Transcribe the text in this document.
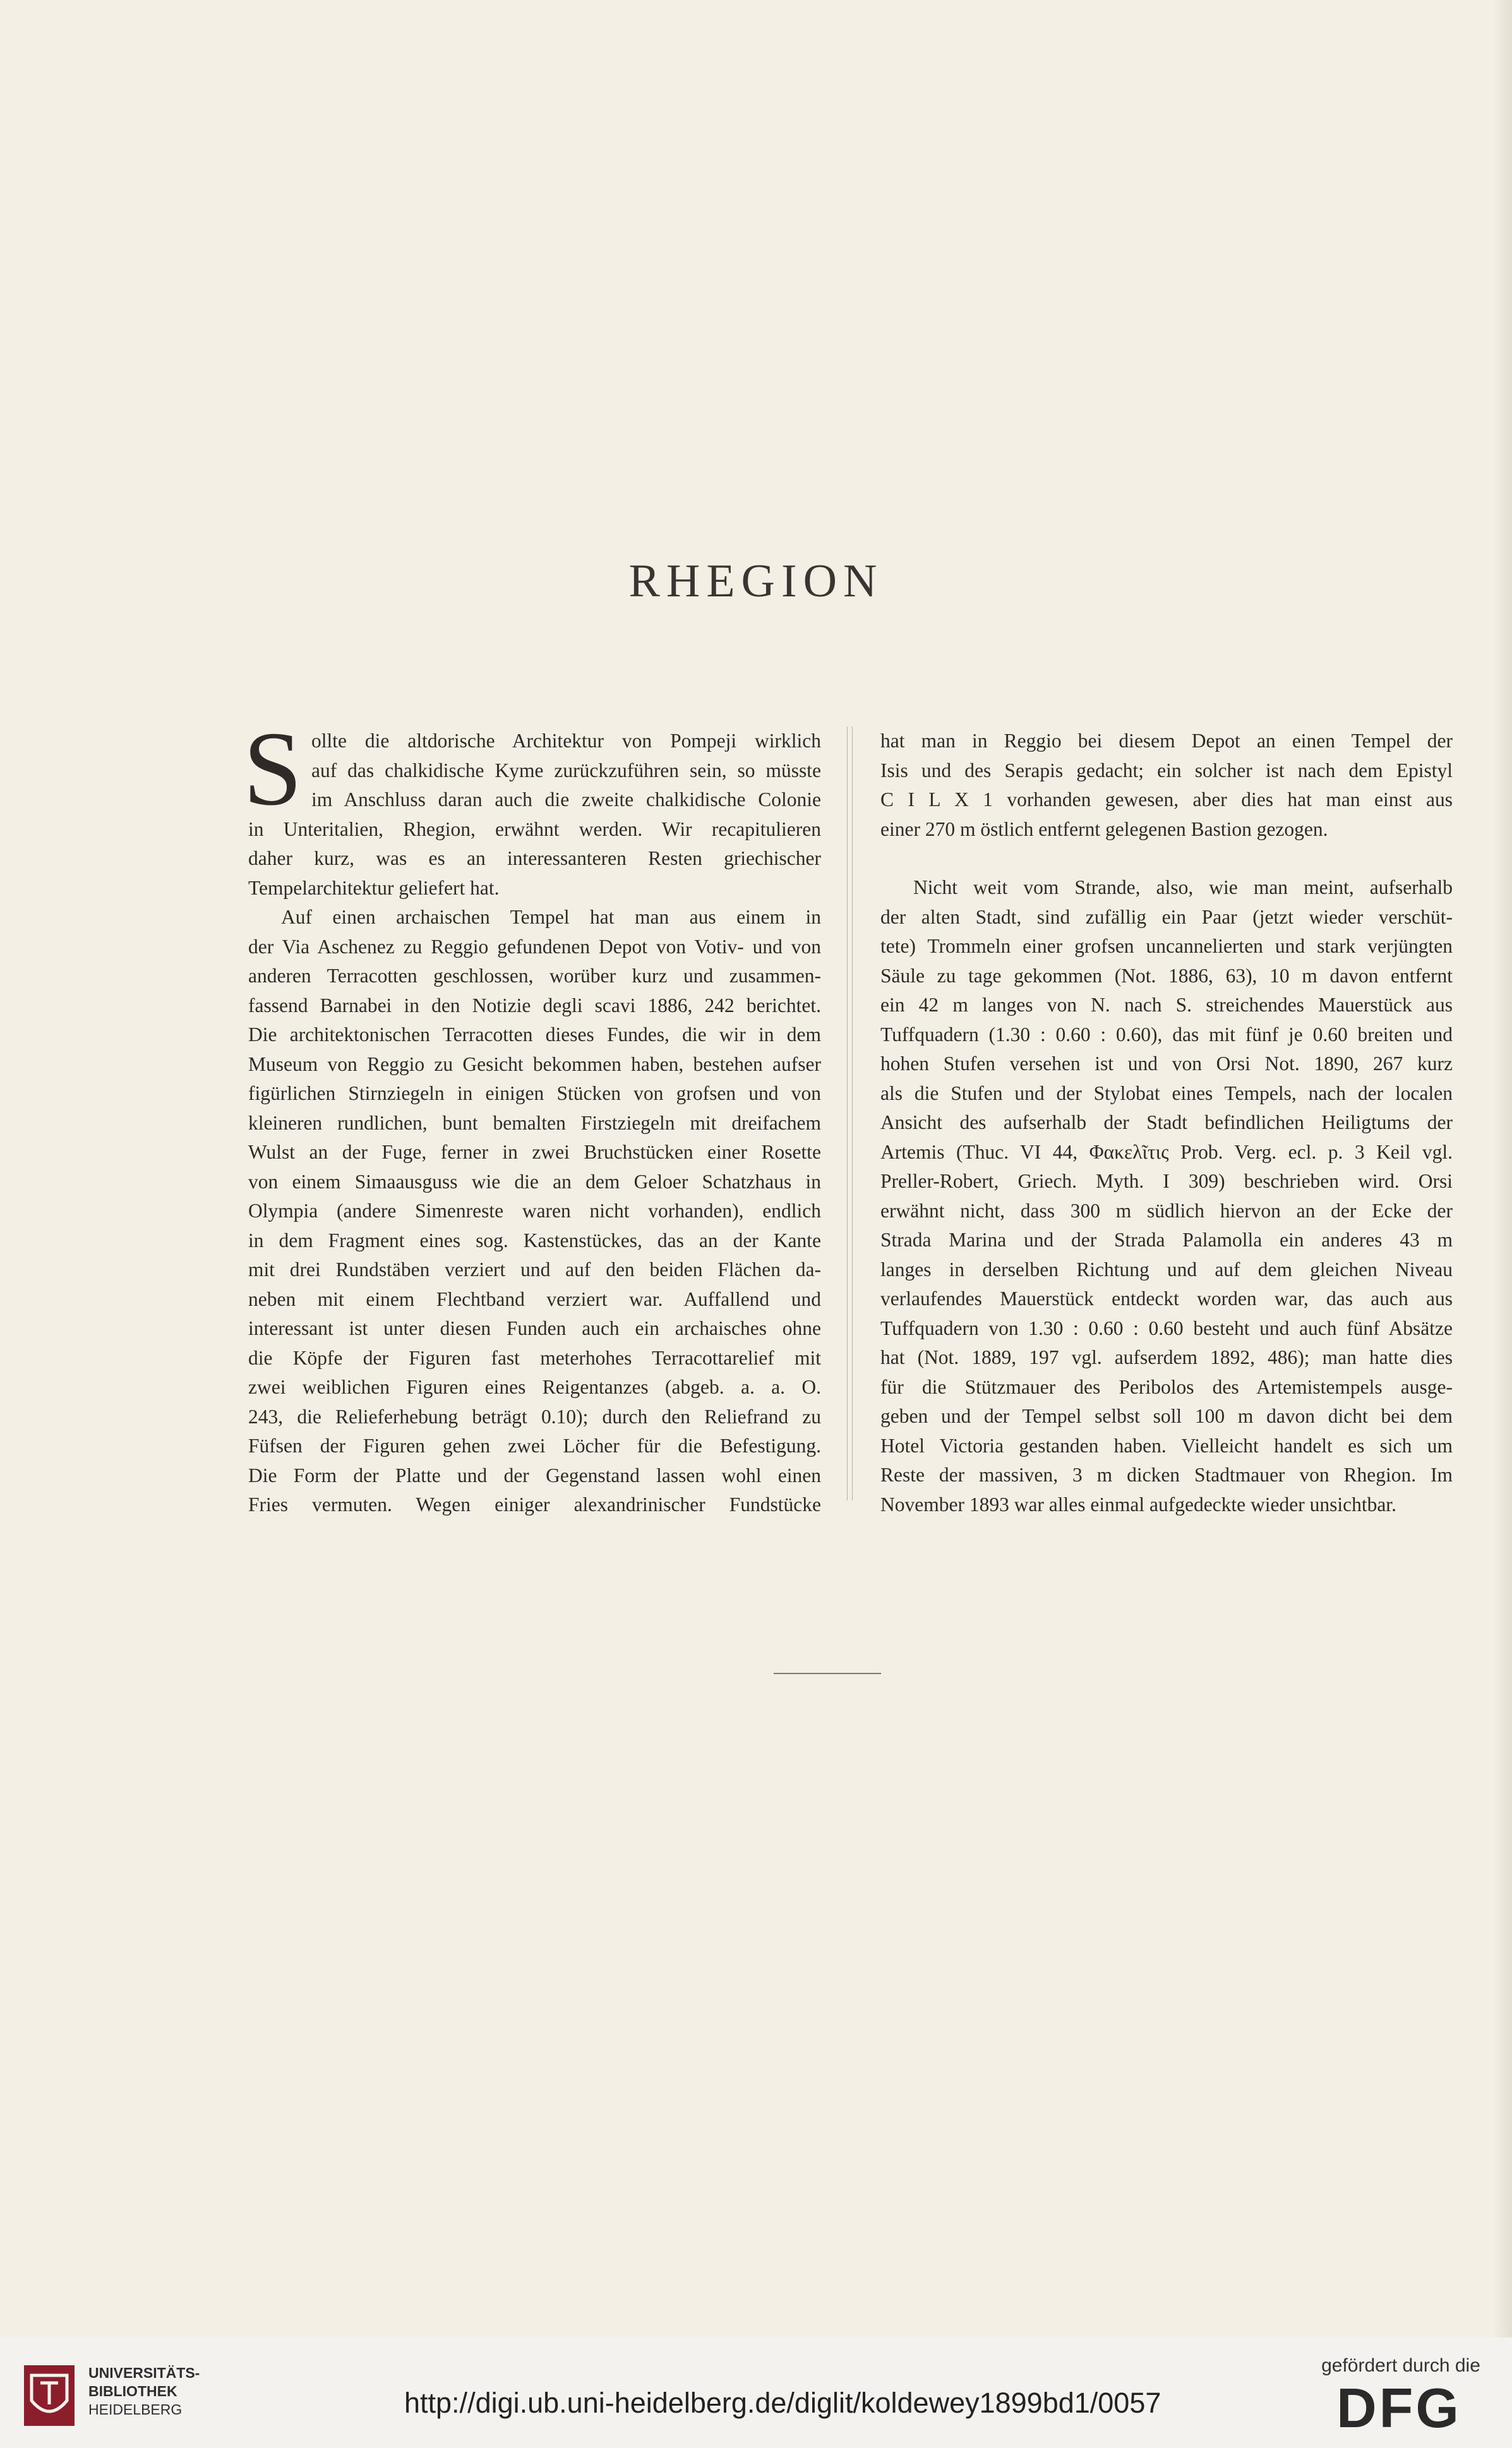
RHEGION
S ollte die altdorische Architektur von Pompeji wirklich
auf das chalkidische Kyme zurückzuführen sein, so müsste
im Anschluss daran auch die zweite chalkidische Colonie
in Unteritalien, Rhegion, erwähnt werden. Wir recapitulieren
daher kurz, was es an interessanteren Resten griechischer
Tempelarchitektur geliefert hat.
Auf einen archaischen Tempel hat man aus einem in
der Via Aschenez zu Reggio gefundenen Depot von Votiv- und von
anderen Terracotten geschlossen, worüber kurz und zusammen-
fassend Barnabei in den Notizie degli scavi 1886, 242 berichtet.
Die architektonischen Terracotten dieses Fundes, die wir in dem
Museum von Reggio zu Gesicht bekommen haben, bestehen aufser
figürlichen Stirnziegeln in einigen Stücken von grofsen und von
kleineren rundlichen, bunt bemalten Firstziegeln mit dreifachem
Wulst an der Fuge, ferner in zwei Bruchstücken einer Rosette
von einem Simaausguss wie die an dem Geloer Schatzhaus in
Olympia (andere Simenreste waren nicht vorhanden), endlich
in dem Fragment eines sog. Kastenstückes, das an der Kante
mit drei Rundstäben verziert und auf den beiden Flächen da-
neben mit einem Flechtband verziert war. Auffallend und
interessant ist unter diesen Funden auch ein archaisches ohne
die Köpfe der Figuren fast meterhohes Terracottarelief mit
zwei weiblichen Figuren eines Reigentanzes (abgeb. a. a. O.
243, die Relieferhebung beträgt 0.10); durch den Reliefrand zu
Füfsen der Figuren gehen zwei Löcher für die Befestigung.
Die Form der Platte und der Gegenstand lassen wohl einen
Fries vermuten. Wegen einiger alexandrinischer Fundstücke
hat man in Reggio bei diesem Depot an einen Tempel der
Isis und des Serapis gedacht; ein solcher ist nach dem Epistyl
C I L X 1 vorhanden gewesen, aber dies hat man einst aus
einer 270 m östlich entfernt gelegenen Bastion gezogen.
Nicht weit vom Strande, also, wie man meint, aufserhalb
der alten Stadt, sind zufällig ein Paar (jetzt wieder verschüt-
tete) Trommeln einer grofsen uncannelierten und stark verjüngten
Säule zu tage gekommen (Not. 1886, 63), 10 m davon entfernt
ein 42 m langes von N. nach S. streichendes Mauerstück aus
Tuffquadern (1.30 : 0.60 : 0.60), das mit fünf je 0.60 breiten und
hohen Stufen versehen ist und von Orsi Not. 1890, 267 kurz
als die Stufen und der Stylobat eines Tempels, nach der localen
Ansicht des aufserhalb der Stadt befindlichen Heiligtums der
Artemis (Thuc. VI 44, Φακελῖτις Prob. Verg. ecl. p. 3 Keil vgl.
Preller-Robert, Griech. Myth. I 309) beschrieben wird. Orsi
erwähnt nicht, dass 300 m südlich hiervon an der Ecke der
Strada Marina und der Strada Palamolla ein anderes 43 m
langes in derselben Richtung und auf dem gleichen Niveau
verlaufendes Mauerstück entdeckt worden war, das auch aus
Tuffquadern von 1.30 : 0.60 : 0.60 besteht und auch fünf Absätze
hat (Not. 1889, 197 vgl. aufserdem 1892, 486); man hatte dies
für die Stützmauer des Peribolos des Artemistempels ausge-
geben und der Tempel selbst soll 100 m davon dicht bei dem
Hotel Victoria gestanden haben. Vielleicht handelt es sich um
Reste der massiven, 3 m dicken Stadtmauer von Rhegion. Im
November 1893 war alles einmal aufgedeckte wieder unsichtbar.
UNIVERSITÄTS-
BIBLIOTHEK
HEIDELBERG	http://digi.ub.uni-heidelberg.de/diglit/koldewey1899bd1/0057
gefördert durch die
DFG
